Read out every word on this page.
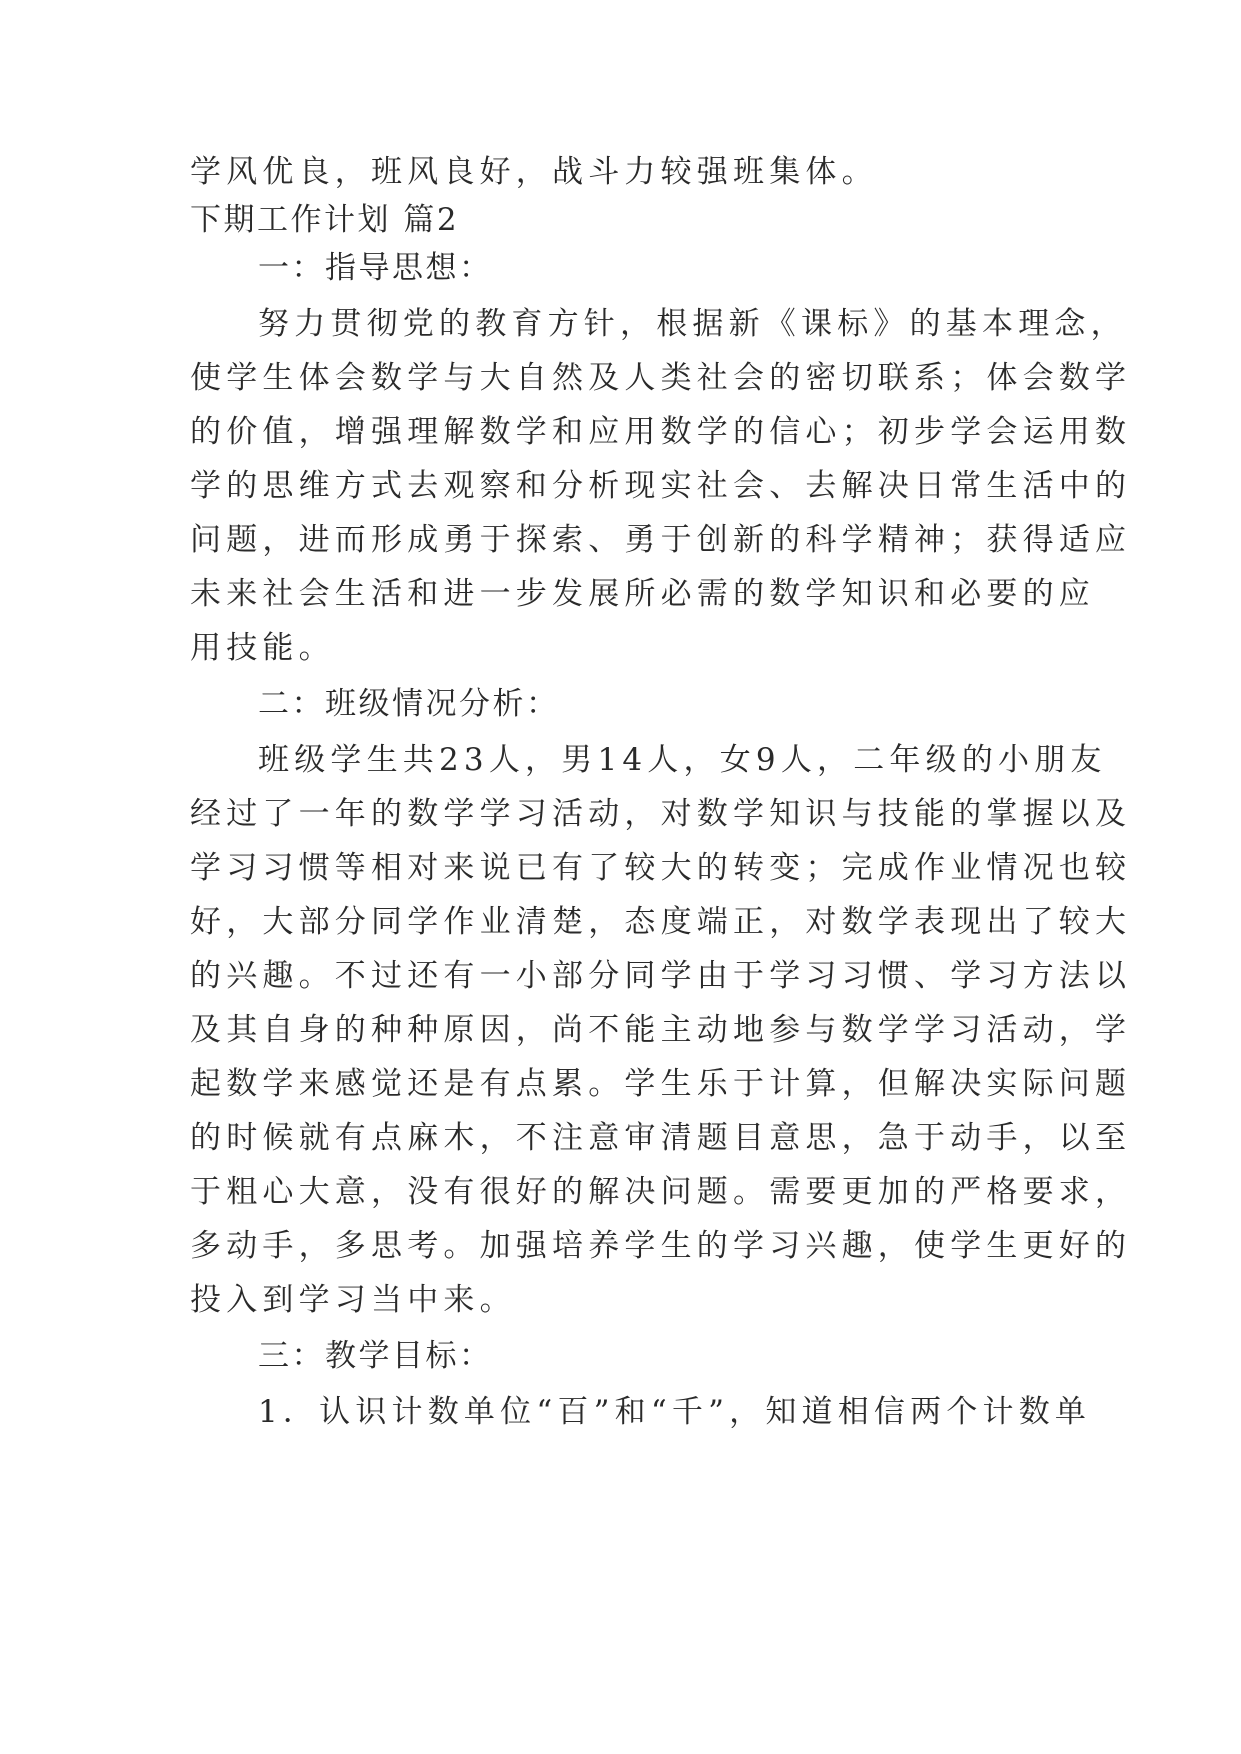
学风优良，班风良好，战斗力较强班集体。
下期工作计划 篇2
一：指导思想：
努力贯彻党的教育方针，根据新《课标》的基本理念，
使学生体会数学与大自然及人类社会的密切联系；体会数学
的价值，增强理解数学和应用数学的信心；初步学会运用数
学的思维方式去观察和分析现实社会、去解决日常生活中的
问题，进而形成勇于探索、勇于创新的科学精神；获得适应
未来社会生活和进一步发展所必需的数学知识和必要的应
用技能。
二：班级情况分析：
班级学生共23人，男14人，女9人，二年级的小朋友
经过了一年的数学学习活动，对数学知识与技能的掌握以及
学习习惯等相对来说已有了较大的转变；完成作业情况也较
好，大部分同学作业清楚，态度端正，对数学表现出了较大
的兴趣。不过还有一小部分同学由于学习习惯、学习方法以
及其自身的种种原因，尚不能主动地参与数学学习活动，学
起数学来感觉还是有点累。学生乐于计算，但解决实际问题
的时候就有点麻木，不注意审清题目意思，急于动手，以至
于粗心大意，没有很好的解决问题。需要更加的严格要求，
多动手，多思考。加强培养学生的学习兴趣，使学生更好的
投入到学习当中来。
三：教学目标：
1．认识计数单位“百”和“千”，知道相信两个计数单
